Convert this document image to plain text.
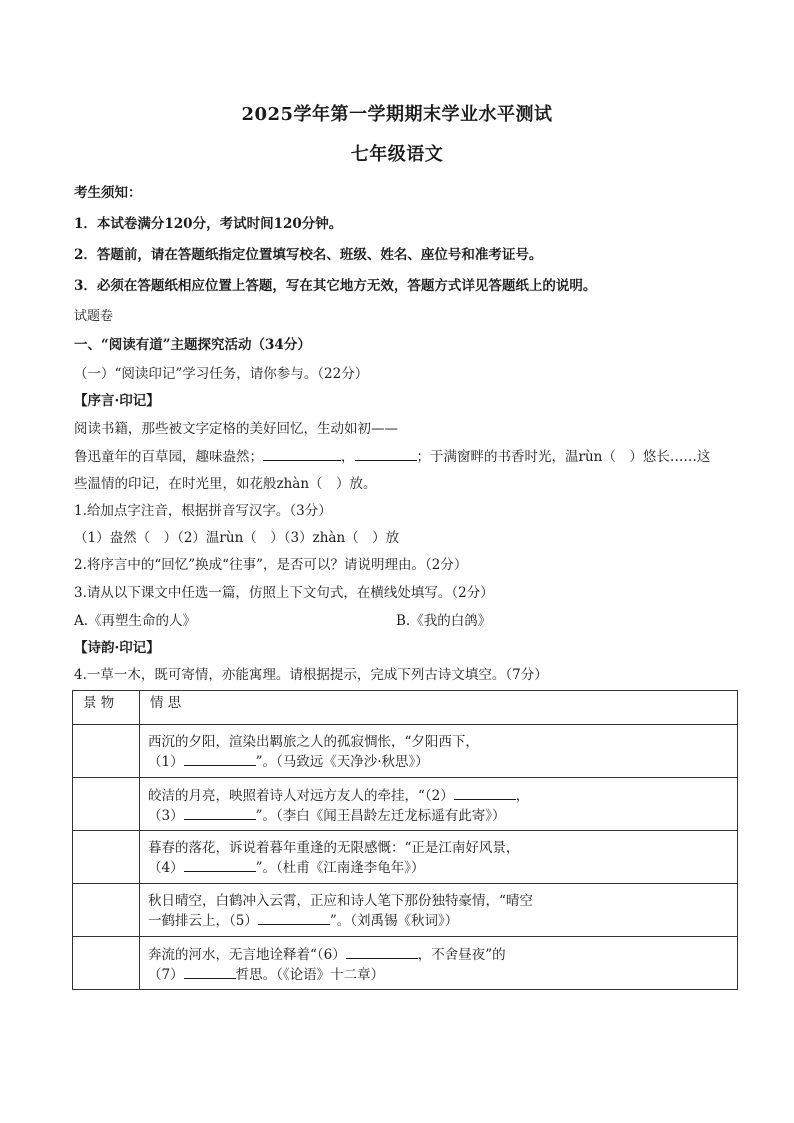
2025学年第一学期期末学业水平测试
七年级语文
考生须知：
1．本试卷满分120分，考试时间120分钟。
2．答题前，请在答题纸指定位置填写校名、班级、姓名、座位号和准考证号。
3．必须在答题纸相应位置上答题，写在其它地方无效，答题方式详见答题纸上的说明。
试题卷
一、“阅读有道”主题探究活动（34分）
（一）“阅读印记”学习任务，请你参与。（22分）
【序言·印记】
阅读书籍，那些被文字定格的美好回忆，生动如初——
鲁迅童年的百草园，趣味盎然；	，	；于满窗畔的书香时光，温rùn（　）悠长……这
些温情的印记，在时光里，如花般zhàn（　）放。
1.给加点字注音，根据拼音写汉字。（3分）
（1）盎然（　）（2）温rùn（　）（3）zhàn（　）放
2.将序言中的“回忆”换成“往事”，是否可以？请说明理由。（2分）
3.请从以下课文中任选一篇，仿照上下文句式，在横线处填写。（2分）
A.《再塑生命的人》	B.《我的白鸽》
【诗韵·印记】
4.一草一木，既可寄情，亦能寓理。请根据提示，完成下列古诗文填空。（7分）
景 物	情 思

	西沉的夕阳，渲染出羁旅之人的孤寂惆怅，“夕阳西下，
（1） ”。（马致远《天净沙·秋思》）

	皎洁的月亮，映照着诗人对远方友人的牵挂，“（2） ，
（3） ”。（李白《闻王昌龄左迁龙标遥有此寄》）

	暮春的落花，诉说着暮年重逢的无限感慨：“正是江南好风景，
（4） ”。（杜甫《江南逢李龟年》）

	秋日晴空，白鹤冲入云霄，正应和诗人笔下那份独特豪情，“晴空
一鹤排云上，（5） ”。（刘禹锡《秋词》）

	奔流的河水，无言地诠释着“（6） ，不舍昼夜”的
（7） 哲思。（《论语》十二章）
